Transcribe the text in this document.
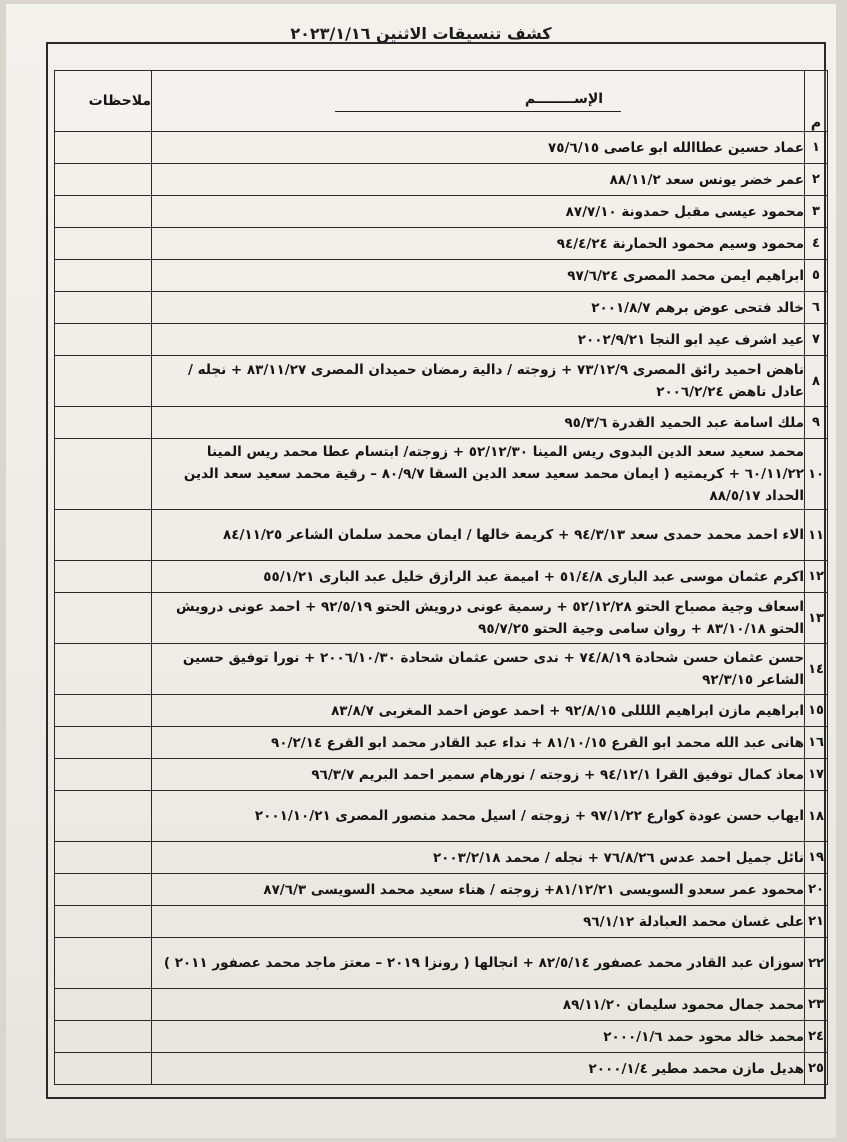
كشف تنسيقات الاثنين ٢٠٢٣/١/١٦
م	الإســــــــم	ملاحظات
١	عماد حسين عطاالله ابو عاصى ٧٥/٦/١٥	
٢	عمر خضر يونس سعد ٨٨/١١/٢	
٣	محمود عيسى مقبل حمدونة ٨٧/٧/١٠	
٤	محمود وسيم محمود الحمارنة ٩٤/٤/٢٤	
٥	ابراهيم ايمن محمد المصرى ٩٧/٦/٢٤	
٦	خالد فتحى عوض برهم ٢٠٠١/٨/٧	
٧	عيد اشرف عيد ابو النجا ٢٠٠٢/٩/٢١	
٨	ناهض احميد رائق المصرى ٧٣/١٢/٩ + زوجته / دالية رمضان حميدان المصرى ٨٣/١١/٢٧ + نجله / عادل ناهض ٢٠٠٦/٢/٢٤	
٩	ملك اسامة عبد الحميد القدرة ٩٥/٣/٦	
١٠	محمد سعيد سعد الدين البدوى ريس المينا ٥٢/١٢/٣٠ + زوجته/ ابتسام عطا محمد ريس المينا ٦٠/١١/٢٢ + كريمتيه ( ايمان محمد سعيد سعد الدين السقا ٨٠/٩/٧ – رقية محمد سعيد سعد الدين الحداد ٨٨/٥/١٧	
١١	الاء احمد محمد حمدى سعد ٩٤/٣/١٣ + كريمة خالها / ايمان محمد سلمان الشاعر ٨٤/١١/٢٥	
١٢	اكرم عثمان موسى عبد البارى ٥١/٤/٨ + اميمة عبد الرازق خليل عبد البارى ٥٥/١/٢١	
١٣	اسعاف وجية مصباح الحتو ٥٢/١٢/٢٨ + رسمية عونى درويش الحتو ٩٢/٥/١٩ + احمد عونى درويش الحتو ٨٣/١٠/١٨ + روان سامى وجية الحتو ٩٥/٧/٢٥	
١٤	حسن عثمان حسن شحادة ٧٤/٨/١٩ + ندى حسن عثمان شحادة ٢٠٠٦/١٠/٣٠ + نورا توفيق حسين الشاعر ٩٢/٣/١٥	
١٥	ابراهيم مازن ابراهيم اللللى ٩٢/٨/١٥ + احمد عوض احمد المغربى ٨٣/٨/٧	
١٦	هانى عبد الله محمد ابو القرع ٨١/١٠/١٥ + نداء عبد القادر محمد ابو القرع ٩٠/٢/١٤	
١٧	معاذ كمال توفيق القرا ٩٤/١٢/١ + زوجته / نورهام سمير احمد البريم ٩٦/٣/٧	
١٨	ايهاب حسن عودة كوارع ٩٧/١/٢٢ + زوجته / اسيل محمد منصور المصرى ٢٠٠١/١٠/٢١	
١٩	نائل جميل احمد عدس ٧٦/٨/٢٦ + نجله / محمد ٢٠٠٣/٢/١٨	
٢٠	محمود عمر سعدو السويسى ٨١/١٢/٢١+ زوجته / هناء سعيد محمد السويسى ٨٧/٦/٣	
٢١	على غسان محمد العبادلة ٩٦/١/١٢	
٢٢	سوزان عبد القادر محمد عصفور ٨٢/٥/١٤ + انجالها ( رونزا ٢٠١٩ – معتز ماجد محمد عصفور ٢٠١١ )	
٢٣	محمد جمال محمود سليمان ٨٩/١١/٢٠	
٢٤	محمد خالد محود حمد ٢٠٠٠/١/٦	
٢٥	هديل مازن محمد مطير ٢٠٠٠/١/٤	
